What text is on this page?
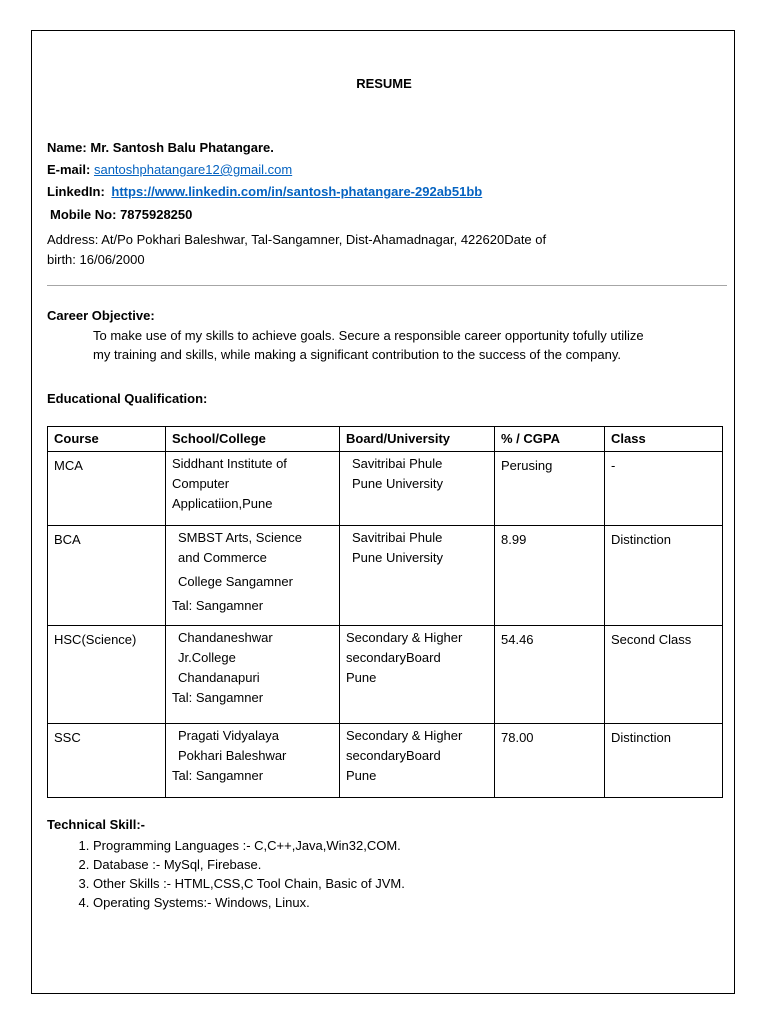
RESUME
Name: Mr. Santosh Balu Phatangare.
E-mail: santoshphatangare12@gmail.com
LinkedIn: https://www.linkedin.com/in/santosh-phatangare-292ab51bb
Mobile No: 7875928250
Address: At/Po Pokhari Baleshwar, Tal-Sangamner, Dist-Ahamadnagar, 422620Date of
birth: 16/06/2000
Career Objective:
To make use of my skills to achieve goals. Secure a responsible career opportunity tofully utilize
my training and skills, while making a significant contribution to the success of the company.
Educational Qualification:
Course	School/College	Board/University	% / CGPA	Class
MCA	Siddhant Institute of
Computer
Applicatiion,Pune	Savitribai Phule
Pune University	Perusing	-
BCA	SMBST Arts, Science
and Commerce
College Sangamner
Tal: Sangamner	Savitribai Phule
Pune University	8.99	Distinction
HSC(Science)	Chandaneshwar
Jr.College
Chandanapuri
Tal: Sangamner	Secondary & Higher
secondaryBoard
Pune	54.46	Second Class
SSC	Pragati Vidyalaya
Pokhari Baleshwar
Tal: Sangamner	Secondary & Higher
secondaryBoard
Pune	78.00	Distinction
Technical Skill:-
1. Programming Languages :- C,C++,Java,Win32,COM.
2. Database :- MySql, Firebase.
3. Other Skills :- HTML,CSS,C Tool Chain, Basic of JVM.
4. Operating Systems:- Windows, Linux.
